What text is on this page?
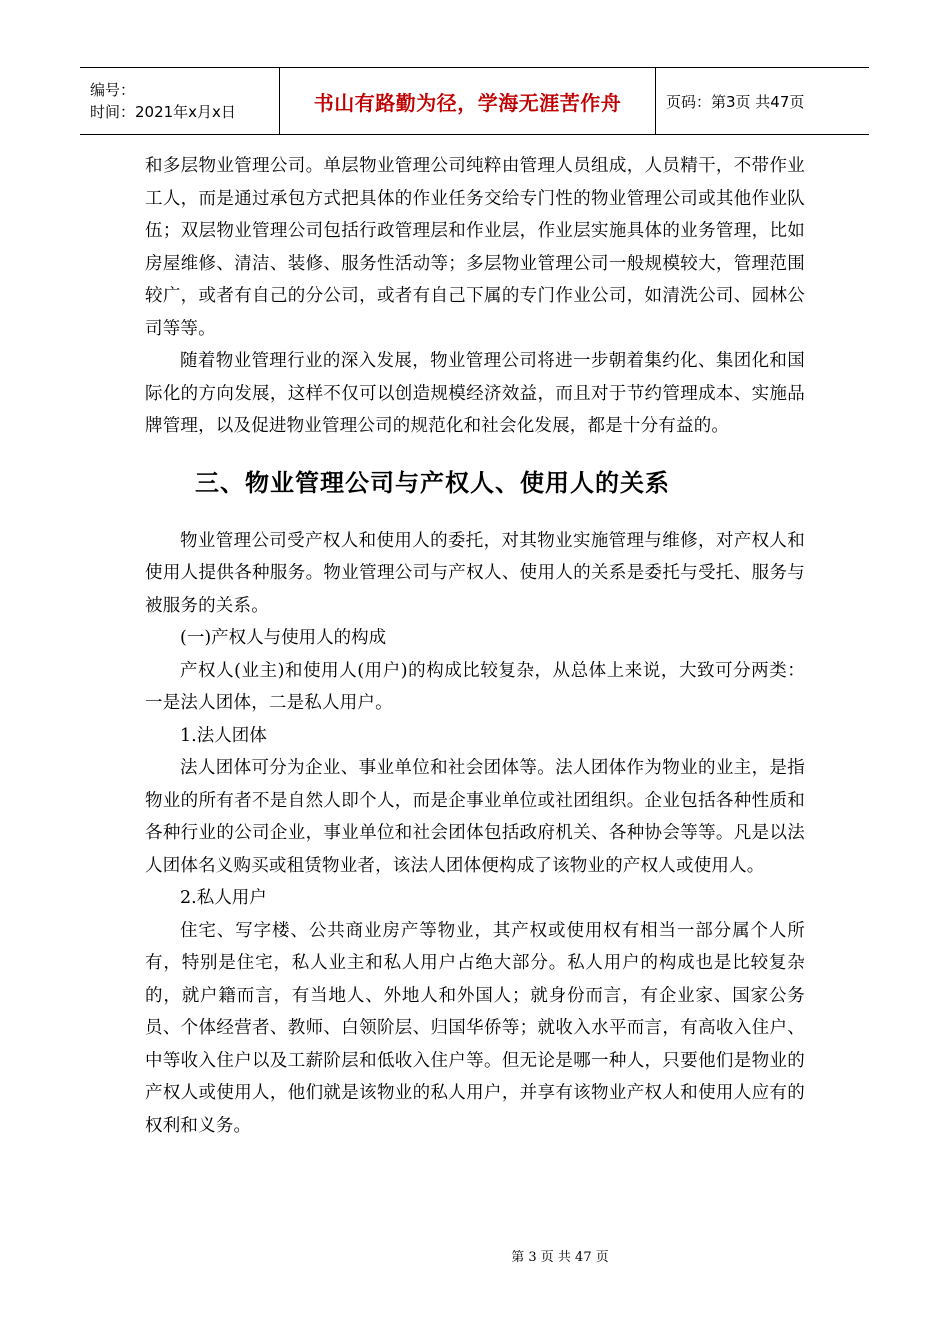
编号：
时间：2021年x月x日	书山有路勤为径，学海无涯苦作舟	页码：第3页 共47页

和多层物业管理公司。单层物业管理公司纯粹由管理人员组成，人员精干，不带作业工人，而是通过承包方式把具体的作业任务交给专门性的物业管理公司或其他作业队伍；双层物业管理公司包括行政管理层和作业层，作业层实施具体的业务管理，比如房屋维修、清洁、装修、服务性活动等；多层物业管理公司一般规模较大，管理范围较广，或者有自己的分公司，或者有自己下属的专门作业公司，如清洗公司、园林公司等等。

随着物业管理行业的深入发展，物业管理公司将进一步朝着集约化、集团化和国际化的方向发展，这样不仅可以创造规模经济效益，而且对于节约管理成本、实施品牌管理，以及促进物业管理公司的规范化和社会化发展，都是十分有益的。

三、物业管理公司与产权人、使用人的关系

物业管理公司受产权人和使用人的委托，对其物业实施管理与维修，对产权人和使用人提供各种服务。物业管理公司与产权人、使用人的关系是委托与受托、服务与被服务的关系。

(一)产权人与使用人的构成

产权人(业主)和使用人(用户)的构成比较复杂，从总体上来说，大致可分两类：一是法人团体，二是私人用户。

1.法人团体

法人团体可分为企业、事业单位和社会团体等。法人团体作为物业的业主，是指物业的所有者不是自然人即个人，而是企事业单位或社团组织。企业包括各种性质和各种行业的公司企业，事业单位和社会团体包括政府机关、各种协会等等。凡是以法人团体名义购买或租赁物业者，该法人团体便构成了该物业的产权人或使用人。

2.私人用户

住宅、写字楼、公共商业房产等物业，其产权或使用权有相当一部分属个人所有，特别是住宅，私人业主和私人用户占绝大部分。私人用户的构成也是比较复杂的，就户籍而言，有当地人、外地人和外国人；就身份而言，有企业家、国家公务员、个体经营者、教师、白领阶层、归国华侨等；就收入水平而言，有高收入住户、中等收入住户以及工薪阶层和低收入住户等。但无论是哪一种人，只要他们是物业的产权人或使用人，他们就是该物业的私人用户，并享有该物业产权人和使用人应有的权利和义务。

第 3 页 共 47 页
